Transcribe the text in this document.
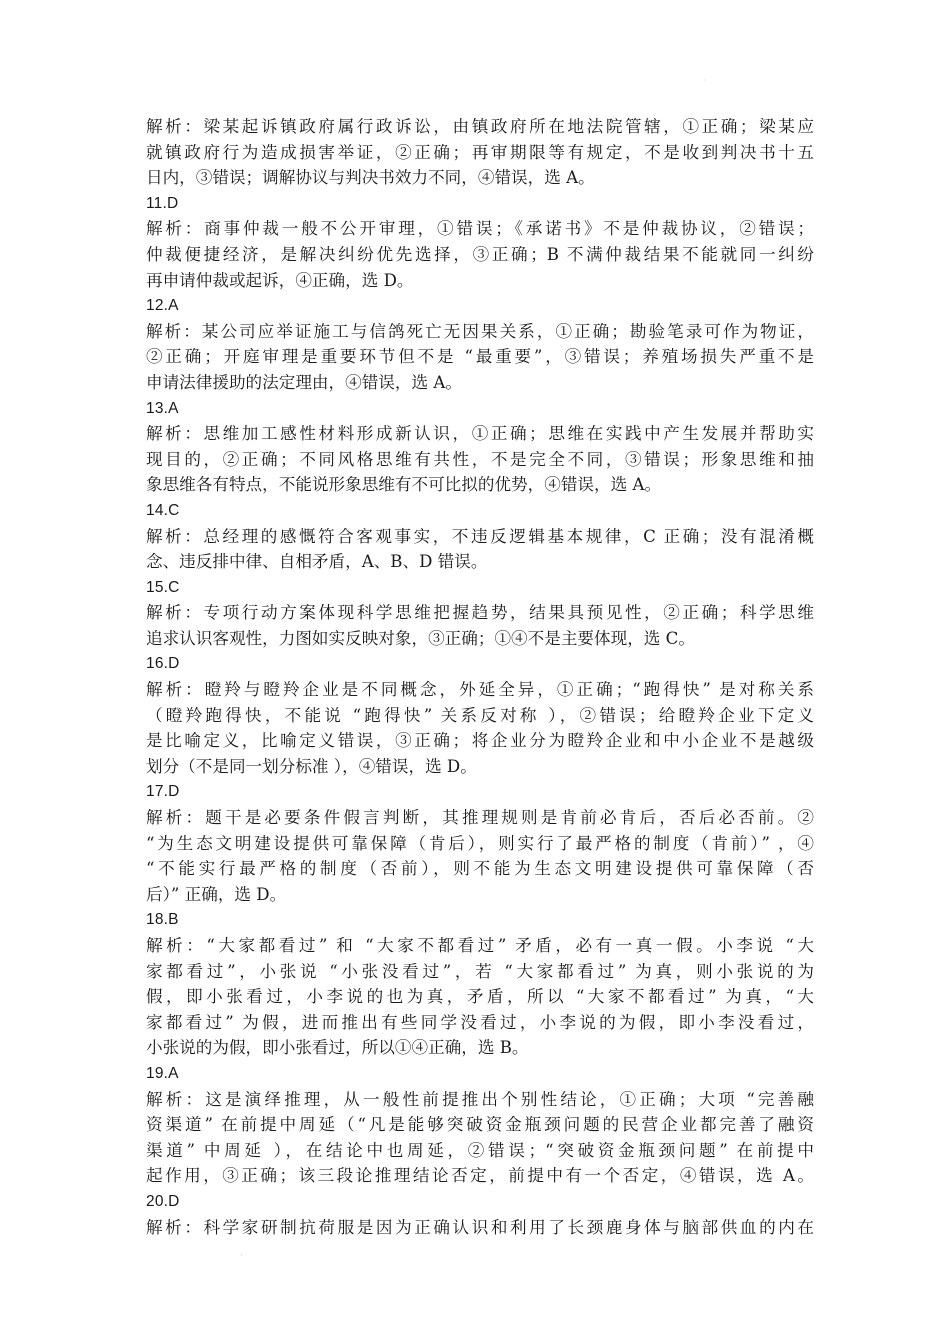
·
解析：梁某起诉镇政府属行政诉讼，由镇政府所在地法院管辖，①正确；梁某应
就镇政府行为造成损害举证，②正确；再审期限等有规定，不是收到判决书十五
日内，③错误；调解协议与判决书效力不同，④错误，选 A。
11.D
解析：商事仲裁一般不公开审理，①错误；《承诺书》不是仲裁协议，②错误；
仲裁便捷经济，是解决纠纷优先选择，③正确；B 不满仲裁结果不能就同一纠纷
再申请仲裁或起诉，④正确，选 D。
12.A
解析：某公司应举证施工与信鸽死亡无因果关系，①正确；勘验笔录可作为物证，
②正确；开庭审理是重要环节但不是 “最重要”，③错误；养殖场损失严重不是
申请法律援助的法定理由，④错误，选 A。
13.A
解析：思维加工感性材料形成新认识，①正确；思维在实践中产生发展并帮助实
现目的，②正确；不同风格思维有共性，不是完全不同，③错误；形象思维和抽
象思维各有特点，不能说形象思维有不可比拟的优势，④错误，选 A。
14.C
解析：总经理的感慨符合客观事实，不违反逻辑基本规律，C 正确；没有混淆概
念、违反排中律、自相矛盾，A、B、D 错误。
15.C
解析：专项行动方案体现科学思维把握趋势，结果具预见性，②正确；科学思维
追求认识客观性，力图如实反映对象，③正确；①④不是主要体现，选 C。
16.D
解析：瞪羚与瞪羚企业是不同概念，外延全异，①正确；“跑得快” 是对称关系
（瞪羚跑得快，不能说 “跑得快” 关系反对称 ），②错误；给瞪羚企业下定义
是比喻定义，比喻定义错误，③正确；将企业分为瞪羚企业和中小企业不是越级
划分（不是同一划分标准 ），④错误，选 D。
17.D
解析：题干是必要条件假言判断，其推理规则是肯前必肯后，否后必否前。②
“为生态文明建设提供可靠保障（肯后），则实行了最严格的制度（肯前）” ，④
“不能实行最严格的制度（否前），则不能为生态文明建设提供可靠保障（否
后）” 正确，选 D。
18.B
解析：“大家都看过” 和 “大家不都看过” 矛盾，必有一真一假。小李说 “大
家都看过”，小张说 “小张没看过”，若 “大家都看过” 为真，则小张说的为
假，即小张看过，小李说的也为真，矛盾，所以 “大家不都看过” 为真，“大
家都看过” 为假，进而推出有些同学没看过，小李说的为假，即小李没看过，
小张说的为假，即小张看过，所以①④正确，选 B。
19.A
解析：这是演绎推理，从一般性前提推出个别性结论，①正确；大项 “完善融
资渠道” 在前提中周延（“凡是能够突破资金瓶颈问题的民营企业都完善了融资
渠道” 中周延 ），在结论中也周延，②错误；“突破资金瓶颈问题” 在前提中
起作用，③正确；该三段论推理结论否定，前提中有一个否定，④错误，选 A。
20.D
解析：科学家研制抗荷服是因为正确认识和利用了长颈鹿身体与脑部供血的内在
·
